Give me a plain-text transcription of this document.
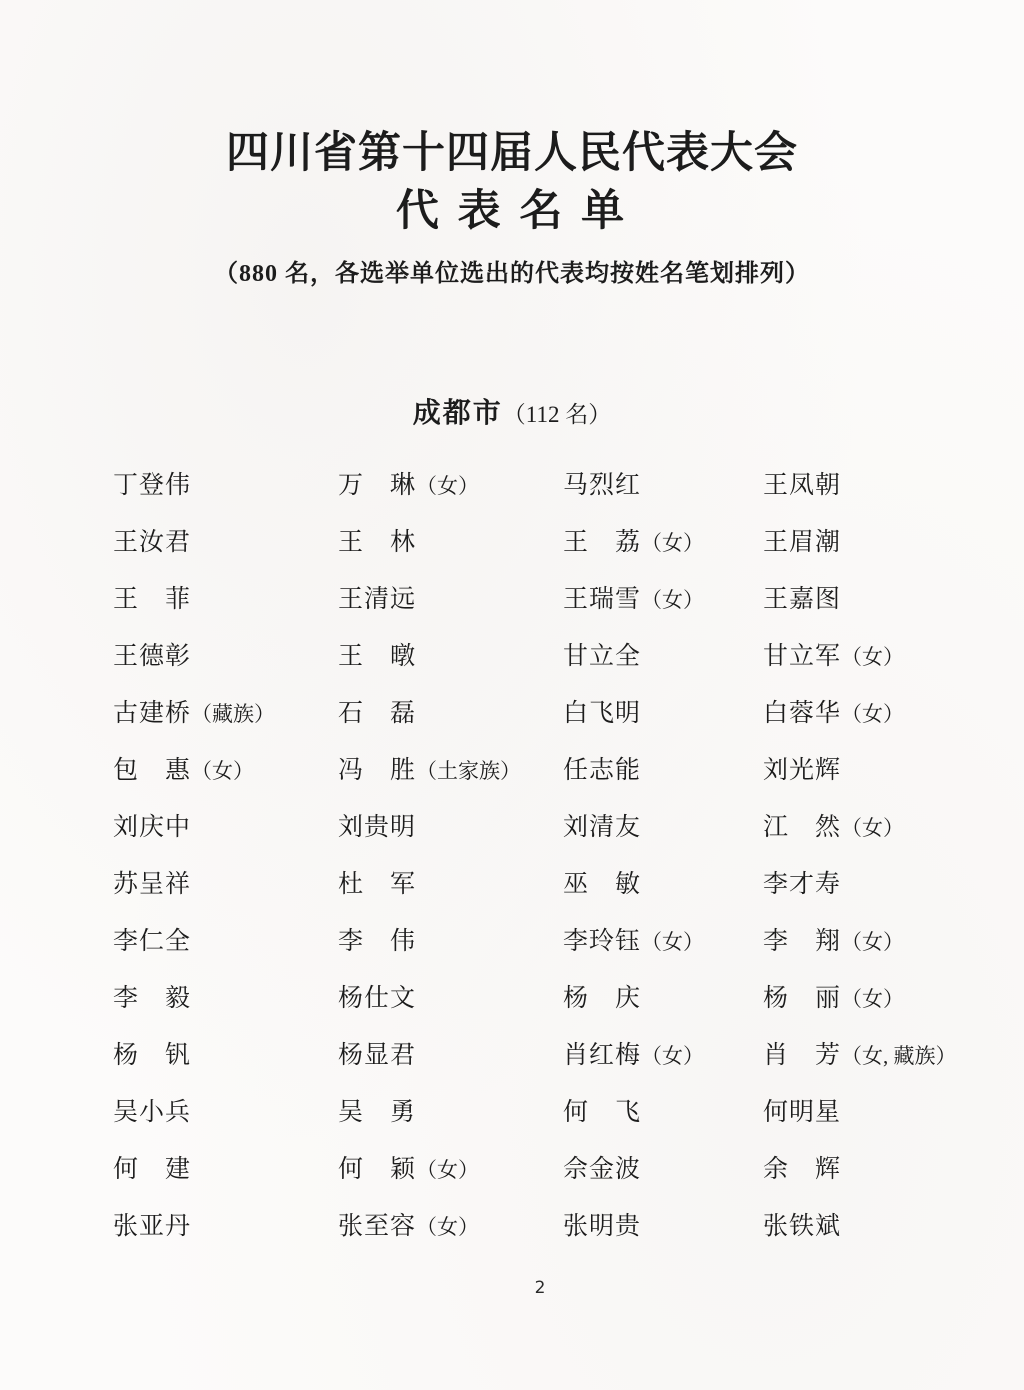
四川省第十四届人民代表大会
代 表 名 单
（880 名，各选举单位选出的代表均按姓名笔划排列）
成都市（112 名）
丁登伟	万　琳（女）	马烈红	王凤朝
王汝君	王　林	王　荔（女）	王眉潮
王　菲	王清远	王瑞雪（女）	王嘉图
王德彰	王　暾	甘立全	甘立军（女）
古建桥（藏族）	石　磊	白飞明	白蓉华（女）
包　惠（女）	冯　胜（土家族）	任志能	刘光辉
刘庆中	刘贵明	刘清友	江　然（女）
苏呈祥	杜　军	巫　敏	李才寿
李仁全	李　伟	李玲钰（女）	李　翔（女）
李　毅	杨仕文	杨　庆	杨　丽（女）
杨　钒	杨显君	肖红梅（女）	肖　芳（女, 藏族）
吴小兵	吴　勇	何　飞	何明星
何　建	何　颖（女）	佘金波	余　辉
张亚丹	张至容（女）	张明贵	张铁斌
2
